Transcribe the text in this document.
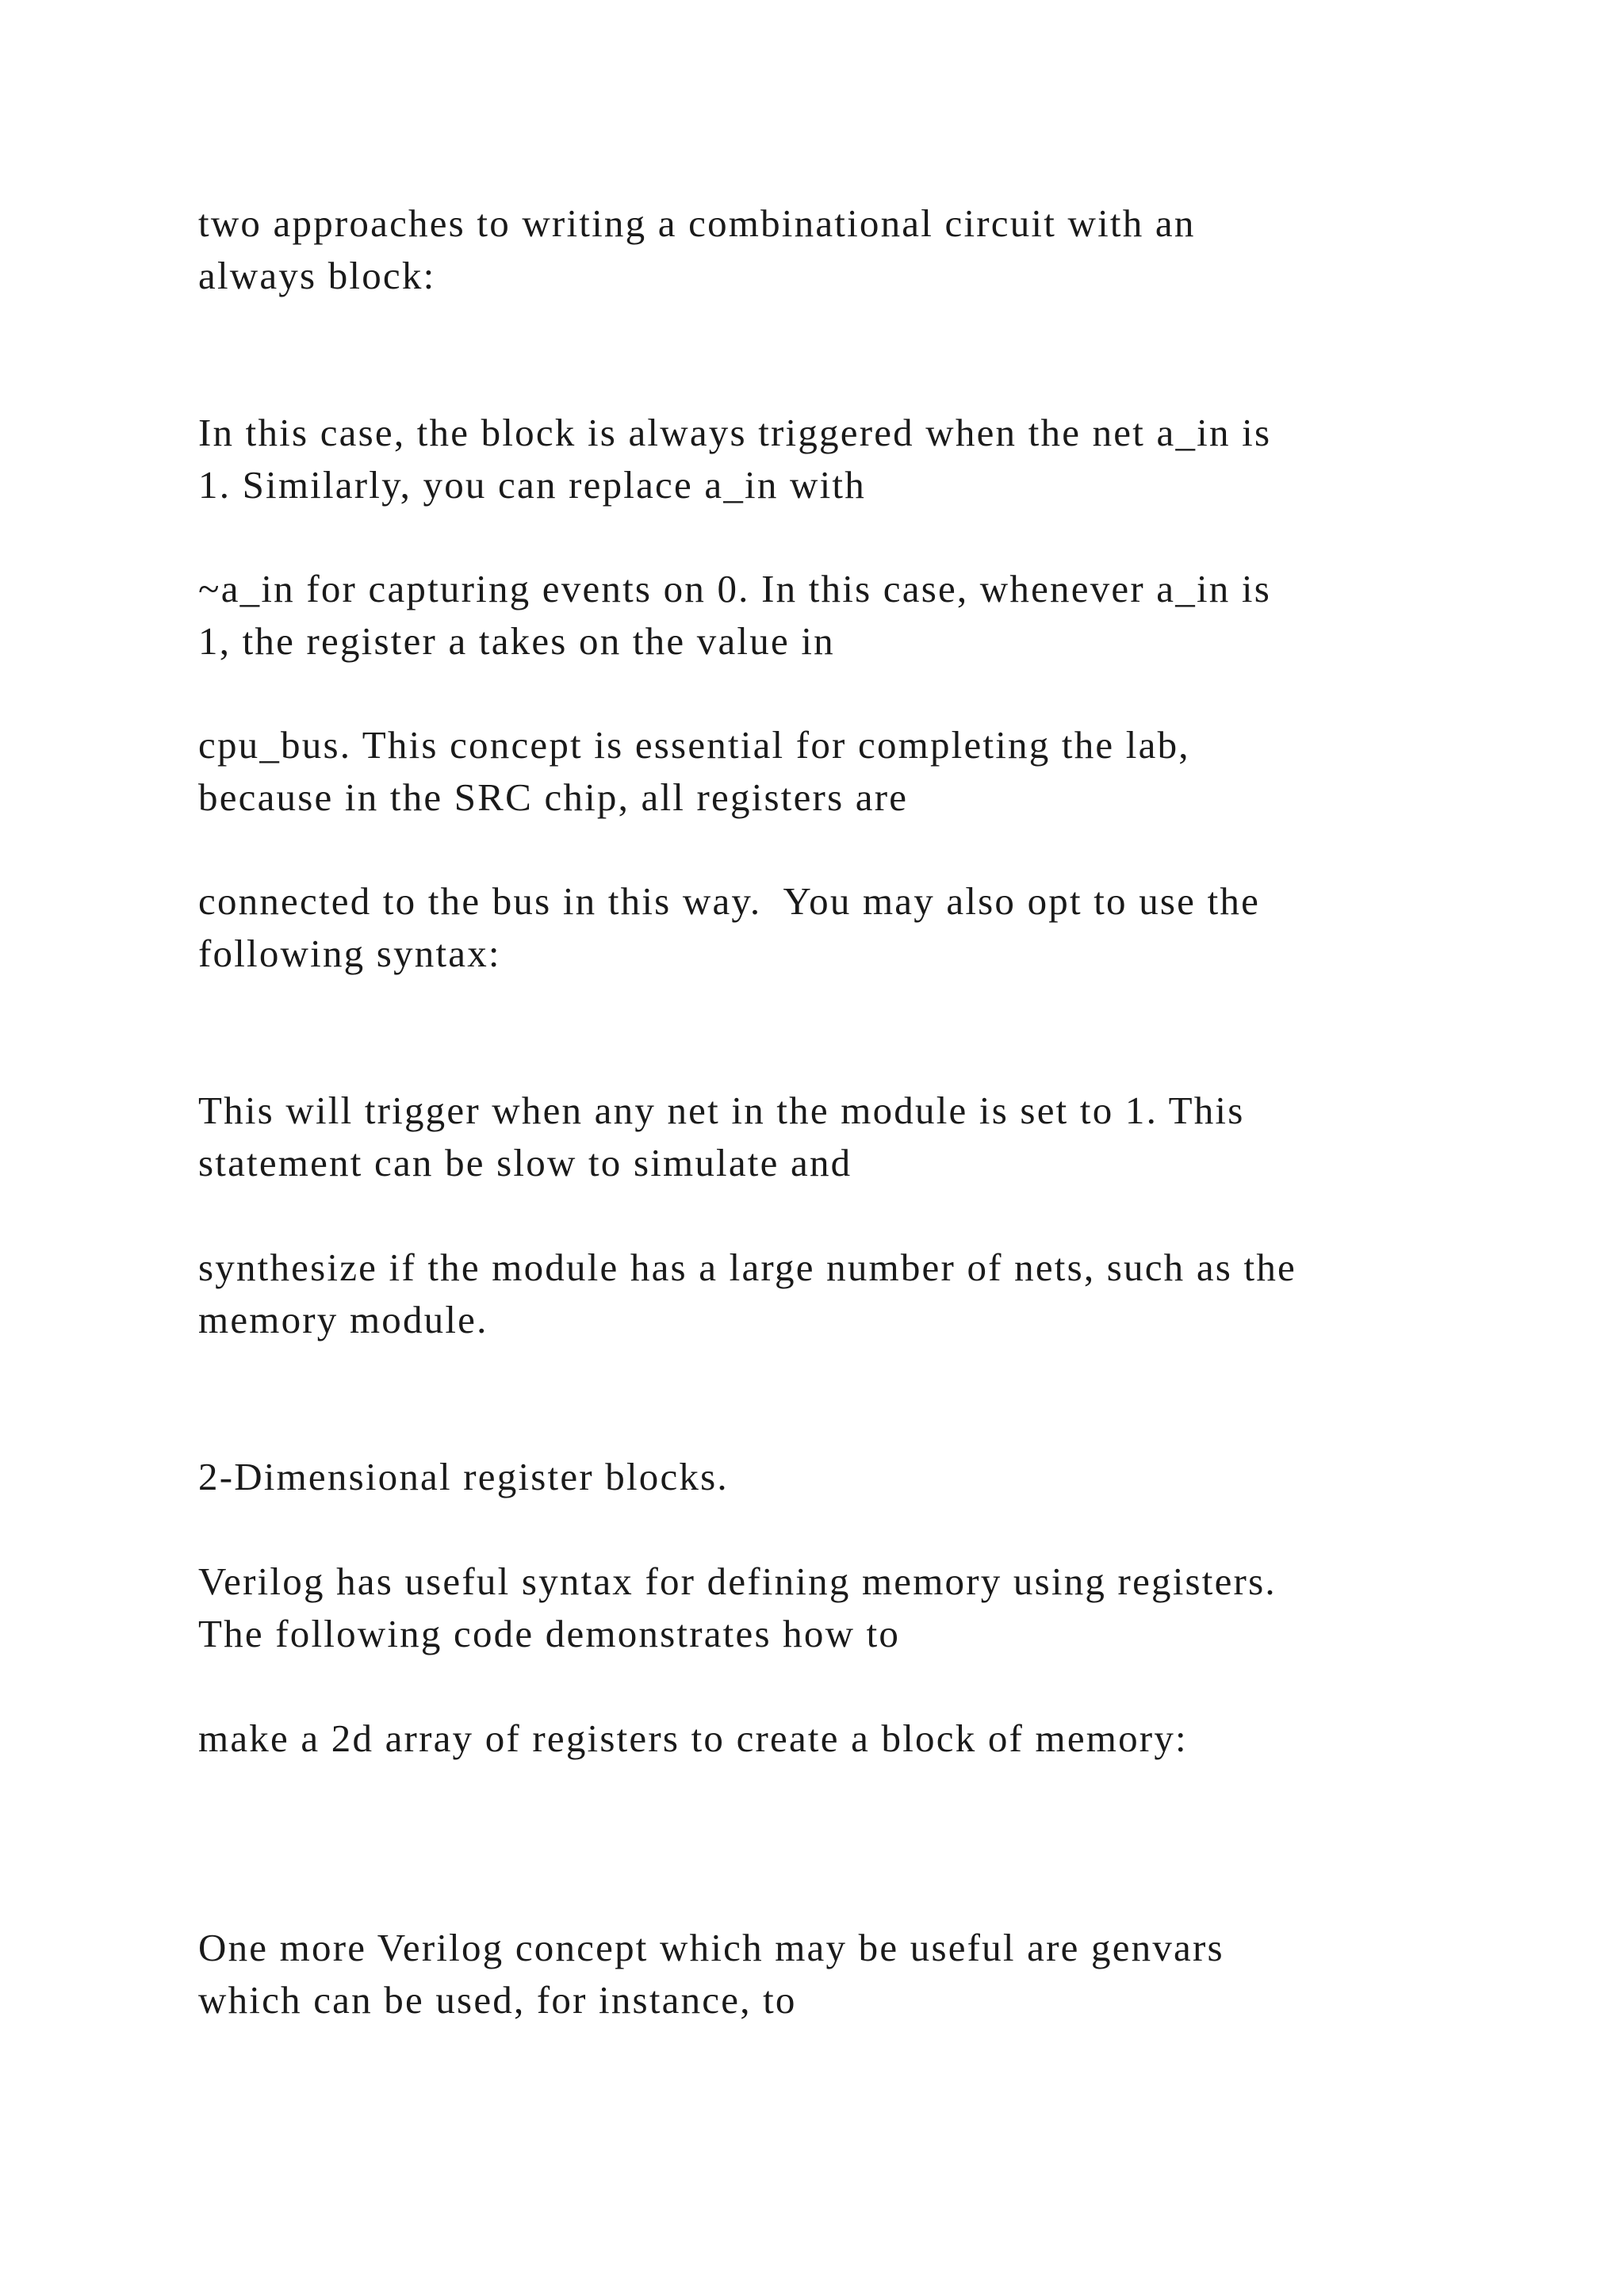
two approaches to writing a combinational circuit with an
always block:
In this case, the block is always triggered when the net a_in is
1. Similarly, you can replace a_in with
~a_in for capturing events on 0. In this case, whenever a_in is
1, the register a takes on the value in
cpu_bus. This concept is essential for completing the lab,
because in the SRC chip, all registers are
connected to the bus in this way.  You may also opt to use the
following syntax:
This will trigger when any net in the module is set to 1. This
statement can be slow to simulate and
synthesize if the module has a large number of nets, such as the
memory module.
2-Dimensional register blocks.
Verilog has useful syntax for defining memory using registers.
The following code demonstrates how to
make a 2d array of registers to create a block of memory:
One more Verilog concept which may be useful are genvars
which can be used, for instance, to
